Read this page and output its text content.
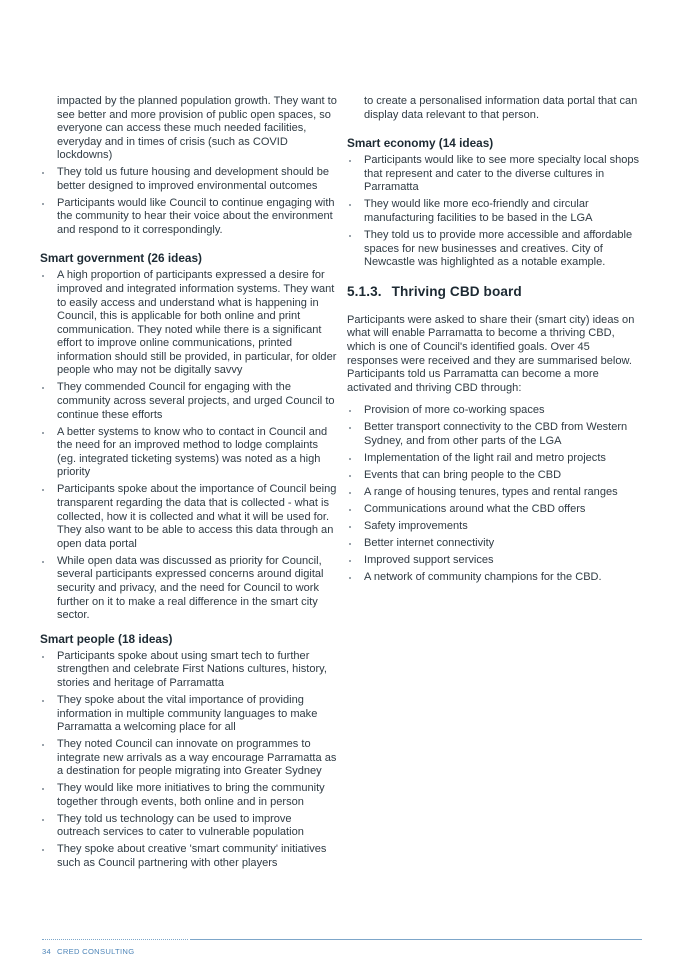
impacted by the planned population growth. They want to see better and more provision of public open spaces, so everyone can access these much needed facilities, everyday and in times of crisis (such as COVID lockdowns)

They told us future housing and development should be better designed to improved environmental outcomes
Participants would like Council to continue engaging with the community to hear their voice about the environment and respond to it correspondingly.
Smart government (26 ideas)
A high proportion of participants expressed a desire for improved and integrated information systems. They want to easily access and understand what is happening in Council, this is applicable for both online and print communication. They noted while there is a significant effort to improve online communications, printed information should still be provided, in particular, for older people who may not be digitally savvy
They commended Council for engaging with the community across several projects, and urged Council to continue these efforts
A better systems to know who to contact in Council and the need for an improved method to lodge complaints (eg. integrated ticketing systems) was noted as a high priority
Participants spoke about the importance of Council being transparent regarding the data that is collected - what is collected, how it is collected and what it will be used for. They also want to be able to access this data through an open data portal
While open data was discussed as priority for Council, several participants expressed concerns around digital security and privacy, and the need for Council to work further on it to make a real difference in the smart city sector.
Smart people (18 ideas)
Participants spoke about using smart tech to further strengthen and celebrate First Nations cultures, history, stories and heritage of Parramatta
They spoke about the vital importance of providing information in multiple community languages to make Parramatta a welcoming place for all
They noted Council can innovate on programmes to integrate new arrivals as a way encourage Parramatta as a destination for people migrating into Greater Sydney
They would like more initiatives to bring the community together through events, both online and in person
They told us technology can be used to improve outreach services to cater to vulnerable population
They spoke about creative 'smart community' initiatives such as Council partnering with other players

to create a personalised information data portal that can display data relevant to that person.

Smart economy (14 ideas)
Participants would like to see more specialty local shops that represent and cater to the diverse cultures in Parramatta
They would like more eco-friendly and circular manufacturing facilities to be based in the LGA
They told us to provide more accessible and affordable spaces for new businesses and creatives. City of Newcastle was highlighted as a notable example.
5.1.3. Thriving CBD board

Participants were asked to share their (smart city) ideas on what will enable Parramatta to become a thriving CBD, which is one of Council's identified goals. Over 45 responses were received and they are summarised below. Participants told us Parramatta can become a more activated and thriving CBD through:

Provision of more co-working spaces
Better transport connectivity to the CBD from Western Sydney, and from other parts of the LGA
Implementation of the light rail and metro projects
Events that can bring people to the CBD
A range of housing tenures, types and rental ranges
Communications around what the CBD offers
Safety improvements
Better internet connectivity
Improved support services
A network of community champions for the CBD.
34 CRED CONSULTING
